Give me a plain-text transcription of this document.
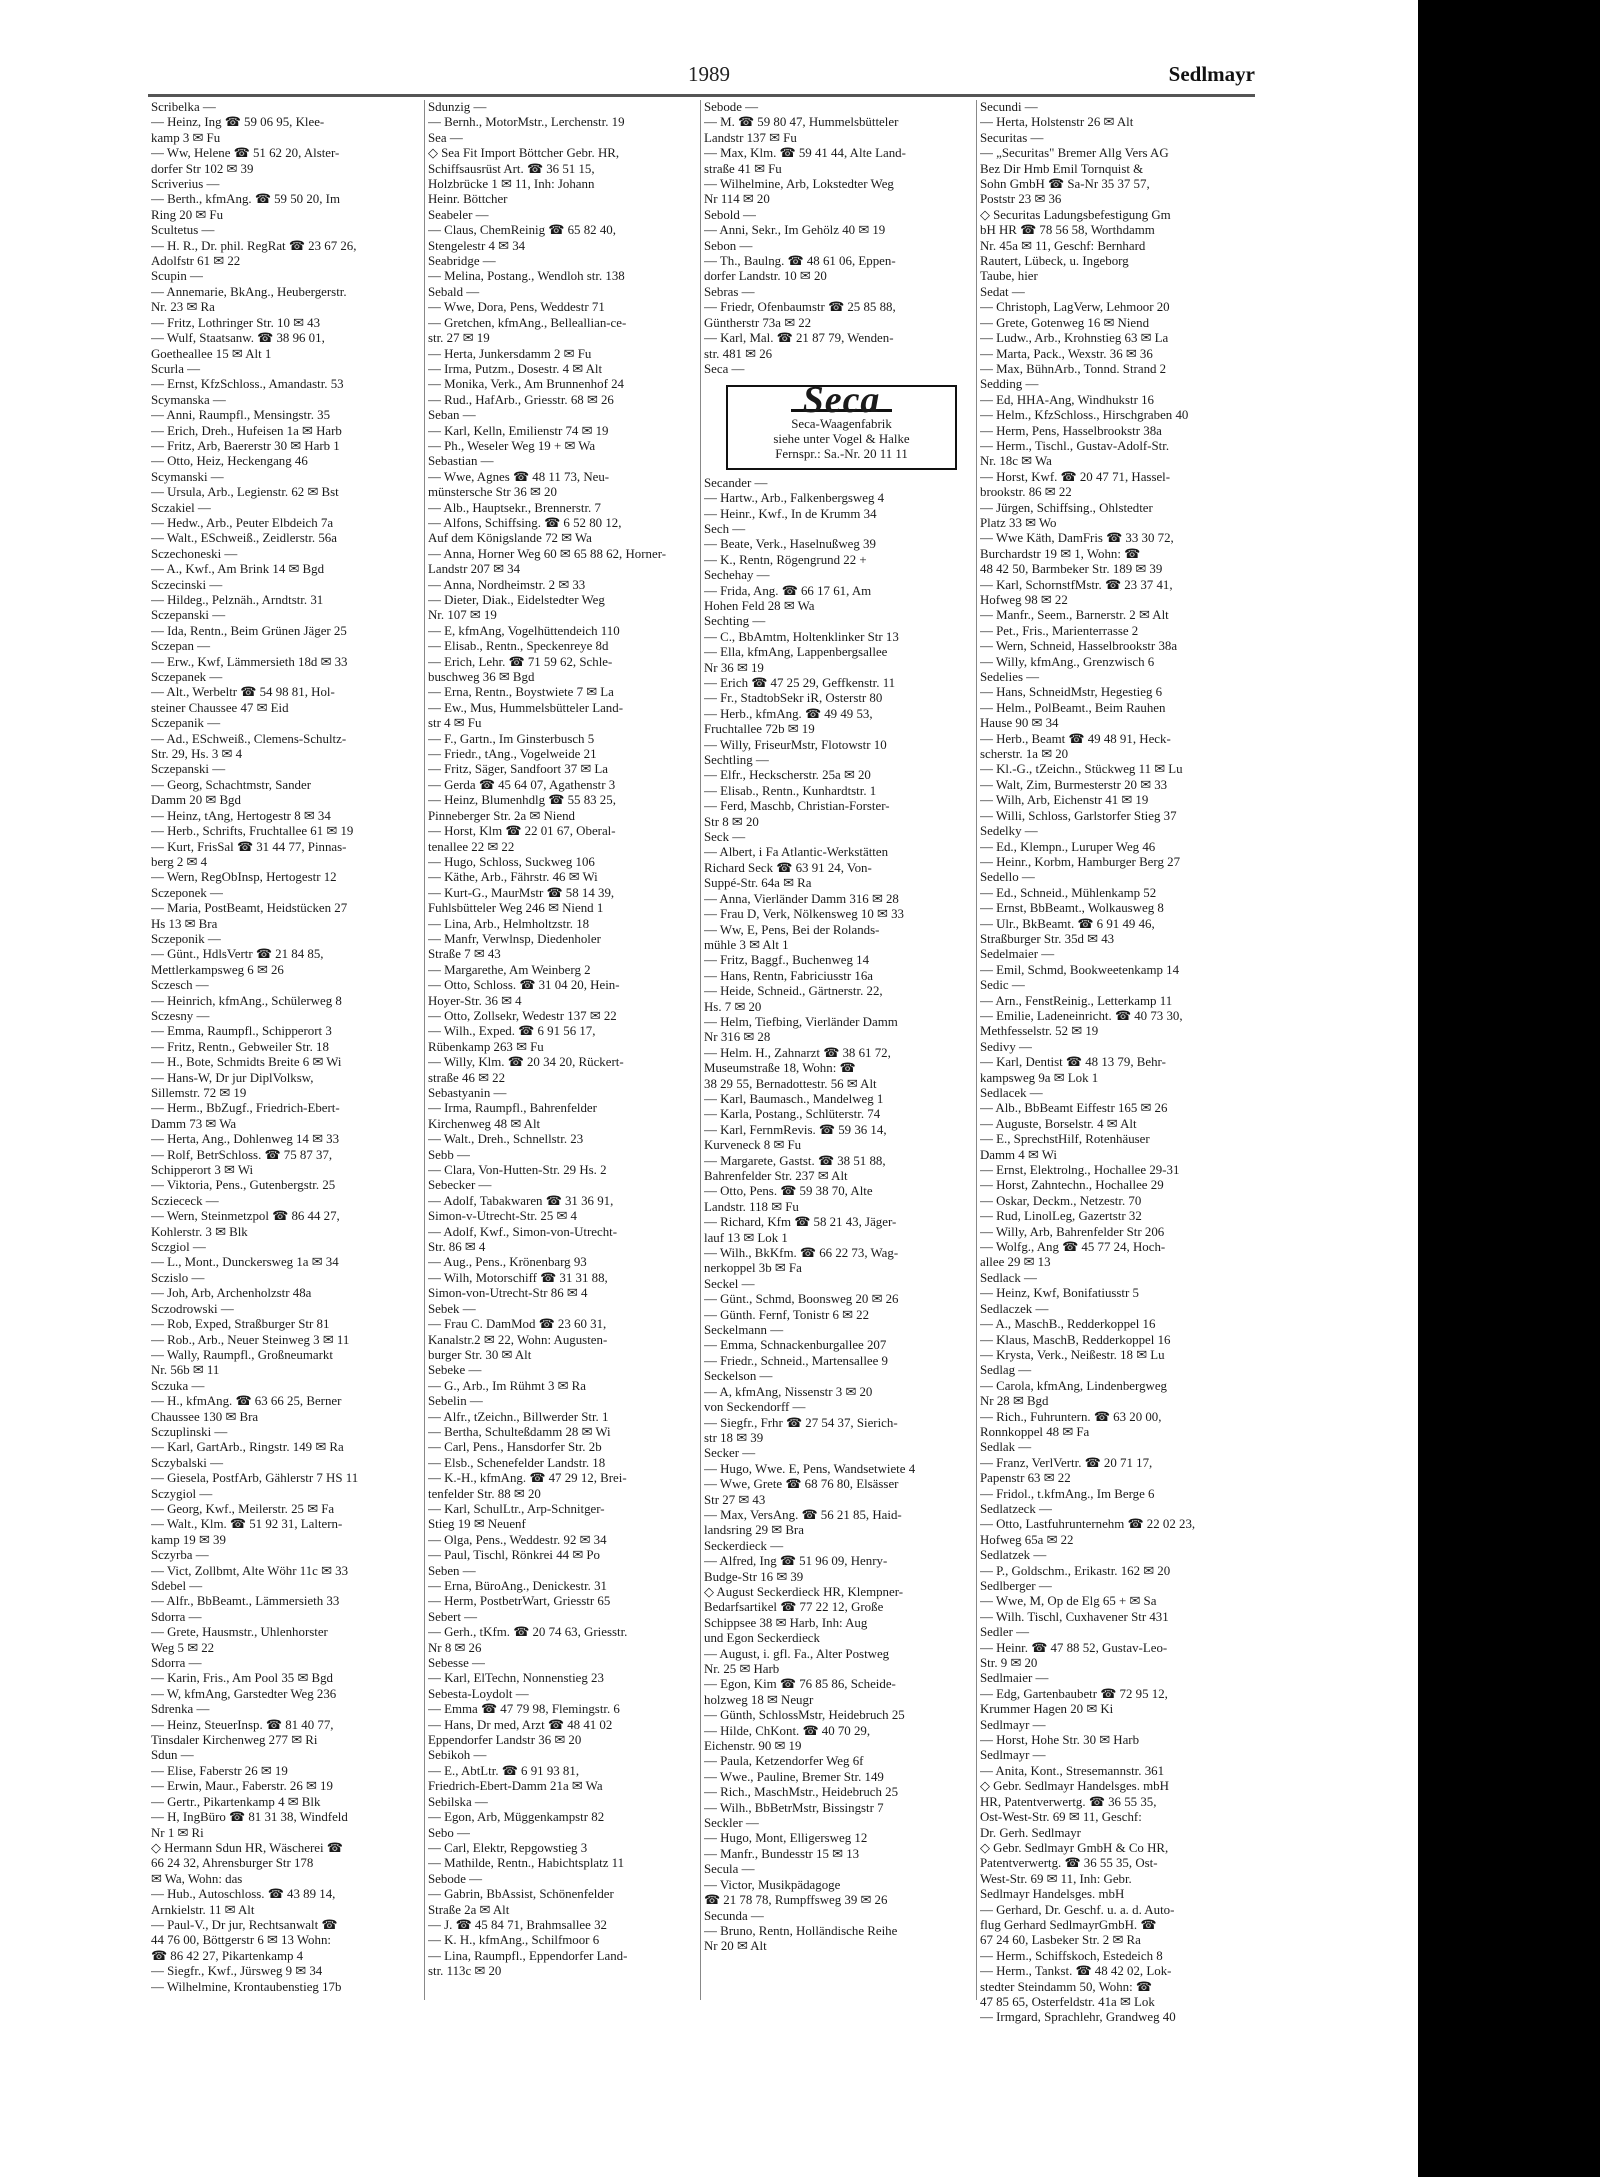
1989	Sedlmayr
Scribelka —
— Heinz, Ing ☎ 59 06 95, Klee-
kamp 3 ✉ Fu
— Ww, Helene ☎ 51 62 20, Alster-
dorfer Str 102 ✉ 39
Scriverius —
— Berth., kfmAng. ☎ 59 50 20, Im
Ring 20 ✉ Fu
Scultetus —
— H. R., Dr. phil. RegRat ☎ 23 67 26,
Adolfstr 61 ✉ 22
Scupin —
— Annemarie, BkAng., Heubergerstr.
Nr. 23 ✉ Ra
— Fritz, Lothringer Str. 10 ✉ 43
— Wulf, Staatsanw. ☎ 38 96 01,
Goetheallee 15 ✉ Alt 1
Scurla —
— Ernst, KfzSchloss., Amandastr. 53
Scymanska —
— Anni, Raumpfl., Mensingstr. 35
— Erich, Dreh., Hufeisen 1a ✉ Harb
— Fritz, Arb, Baererstr 30 ✉ Harb 1
— Otto, Heiz, Heckengang 46
Scymanski —
— Ursula, Arb., Legienstr. 62 ✉ Bst
Sczakiel —
— Hedw., Arb., Peuter Elbdeich 7a
— Walt., ESchweiß., Zeidlerstr. 56a
Sczechoneski —
— A., Kwf., Am Brink 14 ✉ Bgd
Sczecinski —
— Hildeg., Pelznäh., Arndtstr. 31
Sczepanski —
— Ida, Rentn., Beim Grünen Jäger 25
Sczepan —
— Erw., Kwf, Lämmersieth 18d ✉ 33
Sczepanek —
— Alt., Werbeltr ☎ 54 98 81, Hol-
steiner Chaussee 47 ✉ Eid
Sczepanik —
— Ad., ESchweiß., Clemens-Schultz-
Str. 29, Hs. 3 ✉ 4
Sczepanski —
— Georg, Schachtmstr, Sander
Damm 20 ✉ Bgd
— Heinz, tAng, Hertogestr 8 ✉ 34
— Herb., Schrifts, Fruchtallee 61 ✉ 19
— Kurt, FrisSal ☎ 31 44 77, Pinnas-
berg 2 ✉ 4
— Wern, RegObInsp, Hertogestr 12
Sczeponek —
— Maria, PostBeamt, Heidstücken 27
Hs 13 ✉ Bra
Sczeponik —
— Günt., HdlsVertr ☎ 21 84 85,
Mettlerkampsweg 6 ✉ 26
Sczesch —
— Heinrich, kfmAng., Schülerweg 8
Sczesny —
— Emma, Raumpfl., Schipperort 3
— Fritz, Rentn., Gebweiler Str. 18
— H., Bote, Schmidts Breite 6 ✉ Wi
— Hans-W, Dr jur DiplVolksw,
Sillemstr. 72 ✉ 19
— Herm., BbZugf., Friedrich-Ebert-
Damm 73 ✉ Wa
— Herta, Ang., Dohlenweg 14 ✉ 33
— Rolf, BetrSchloss. ☎ 75 87 37,
Schipperort 3 ✉ Wi
— Viktoria, Pens., Gutenbergstr. 25
Scziececk —
— Wern, Steinmetzpol ☎ 86 44 27,
Kohlerstr. 3 ✉ Blk
Sczgiol —
— L., Mont., Dunckersweg 1a ✉ 34
Sczislo —
— Joh, Arb, Archenholzstr 48a
Sczodrowski —
— Rob, Exped, Straßburger Str 81
— Rob., Arb., Neuer Steinweg 3 ✉ 11
— Wally, Raumpfl., Großneumarkt
Nr. 56b ✉ 11
Sczuka —
— H., kfmAng. ☎ 63 66 25, Berner
Chaussee 130 ✉ Bra
Sczuplinski —
— Karl, GartArb., Ringstr. 149 ✉ Ra
Sczybalski —
— Giesela, PostfArb, Gählerstr 7 HS 11
Sczygiol —
— Georg, Kwf., Meilerstr. 25 ✉ Fa
— Walt., Klm. ☎ 51 92 31, Laltern-
kamp 19 ✉ 39
Sczyrba —
— Vict, Zollbmt, Alte Wöhr 11c ✉ 33
Sdebel —
— Alfr., BbBeamt., Lämmersieth 33
Sdorra —
— Grete, Hausmstr., Uhlenhorster
Weg 5 ✉ 22
Sdorra —
— Karin, Fris., Am Pool 35 ✉ Bgd
— W, kfmAng, Garstedter Weg 236
Sdrenka —
— Heinz, SteuerInsp. ☎ 81 40 77,
Tinsdaler Kirchenweg 277 ✉ Ri
Sdun —
— Elise, Faberstr 26 ✉ 19
— Erwin, Maur., Faberstr. 26 ✉ 19
— Gertr., Pikartenkamp 4 ✉ Blk
— H, IngBüro ☎ 81 31 38, Windfeld
Nr 1 ✉ Ri
◇ Hermann Sdun HR, Wäscherei ☎
66 24 32, Ahrensburger Str 178
✉ Wa, Wohn: das
— Hub., Autoschloss. ☎ 43 89 14,
Arnkielstr. 11 ✉ Alt
— Paul-V., Dr jur, Rechtsanwalt ☎
44 76 00, Böttgerstr 6 ✉ 13 Wohn:
☎ 86 42 27, Pikartenkamp 4
— Siegfr., Kwf., Jürsweg 9 ✉ 34
— Wilhelmine, Krontaubenstieg 17b
Sdunzig —
— Bernh., MotorMstr., Lerchenstr. 19
Sea —
◇ Sea Fit Import Böttcher Gebr. HR,
Schiffsausrüst Art. ☎ 36 51 15,
Holzbrücke 1 ✉ 11, Inh: Johann
Heinr. Böttcher
Seabeler —
— Claus, ChemReinig ☎ 65 82 40,
Stengelestr 4 ✉ 34
Seabridge —
— Melina, Postang., Wendloh str. 138
Sebald —
— Wwe, Dora, Pens, Weddestr 71
— Gretchen, kfmAng., Belleallian-ce-
str. 27 ✉ 19
— Herta, Junkersdamm 2 ✉ Fu
— Irma, Putzm., Dosestr. 4 ✉ Alt
— Monika, Verk., Am Brunnenhof 24
— Rud., HafArb., Griesstr. 68 ✉ 26
Seban —
— Karl, Kelln, Emilienstr 74 ✉ 19
— Ph., Weseler Weg 19 + ✉ Wa
Sebastian —
— Wwe, Agnes ☎ 48 11 73, Neu-
münstersche Str 36 ✉ 20
— Alb., Hauptsekr., Brennerstr. 7
— Alfons, Schiffsing. ☎ 6 52 80 12,
Auf dem Königslande 72 ✉ Wa
— Anna, Horner Weg 60 ✉ 65 88 62, Horner-
Landstr 207 ✉ 34
— Anna, Nordheimstr. 2 ✉ 33
— Dieter, Diak., Eidelstedter Weg
Nr. 107 ✉ 19
— E, kfmAng, Vogelhüttendeich 110
— Elisab., Rentn., Speckenreye 8d
— Erich, Lehr. ☎ 71 59 62, Schle-
buschweg 36 ✉ Bgd
— Erna, Rentn., Boystwiete 7 ✉ La
— Ew., Mus, Hummelsbütteler Land-
str 4 ✉ Fu
— F., Gartn., Im Ginsterbusch 5
— Friedr., tAng., Vogelweide 21
— Fritz, Säger, Sandfoort 37 ✉ La
— Gerda ☎ 45 64 07, Agathenstr 3
— Heinz, Blumenhdlg ☎ 55 83 25,
Pinneberger Str. 2a ✉ Niend
— Horst, Klm ☎ 22 01 67, Oberal-
tenallee 22 ✉ 22
— Hugo, Schloss, Suckweg 106
— Käthe, Arb., Fährstr. 46 ✉ Wi
— Kurt-G., MaurMstr ☎ 58 14 39,
Fuhlsbütteler Weg 246 ✉ Niend 1
— Lina, Arb., Helmholtzstr. 18
— Manfr, Verwlnsp, Diedenholer
Straße 7 ✉ 43
— Margarethe, Am Weinberg 2
— Otto, Schloss. ☎ 31 04 20, Hein-
Hoyer-Str. 36 ✉ 4
— Otto, Zollsekr, Wedestr 137 ✉ 22
— Wilh., Exped. ☎ 6 91 56 17,
Rübenkamp 263 ✉ Fu
— Willy, Klm. ☎ 20 34 20, Rückert-
straße 46 ✉ 22
Sebastyanin —
— Irma, Raumpfl., Bahrenfelder
Kirchenweg 48 ✉ Alt
— Walt., Dreh., Schnellstr. 23
Sebb —
— Clara, Von-Hutten-Str. 29 Hs. 2
Sebecker —
— Adolf, Tabakwaren ☎ 31 36 91,
Simon-v-Utrecht-Str. 25 ✉ 4
— Adolf, Kwf., Simon-von-Utrecht-
Str. 86 ✉ 4
— Aug., Pens., Krönenbarg 93
— Wilh, Motorschiff ☎ 31 31 88,
Simon-von-Utrecht-Str 86 ✉ 4
Sebek —
— Frau C. DamMod ☎ 23 60 31,
Kanalstr.2 ✉ 22, Wohn: Augusten-
burger Str. 30 ✉ Alt
Sebeke —
— G., Arb., Im Rühmt 3 ✉ Ra
Sebelin —
— Alfr., tZeichn., Billwerder Str. 1
— Bertha, Schulteßdamm 28 ✉ Wi
— Carl, Pens., Hansdorfer Str. 2b
— Elsb., Schenefelder Landstr. 18
— K.-H., kfmAng. ☎ 47 29 12, Brei-
tenfelder Str. 88 ✉ 20
— Karl, SchulLtr., Arp-Schnitger-
Stieg 19 ✉ Neuenf
— Olga, Pens., Weddestr. 92 ✉ 34
— Paul, Tischl, Rönkrei 44 ✉ Po
Seben —
— Erna, BüroAng., Denickestr. 31
— Herm, PostbetrWart, Griesstr 65
Sebert —
— Gerh., tKfm. ☎ 20 74 63, Griesstr.
Nr 8 ✉ 26
Sebesse —
— Karl, ElTechn, Nonnenstieg 23
Sebesta-Loydolt —
— Emma ☎ 47 79 98, Flemingstr. 6
— Hans, Dr med, Arzt ☎ 48 41 02
Eppendorfer Landstr 36 ✉ 20
Sebikoh —
— E., AbtLtr. ☎ 6 91 93 81,
Friedrich-Ebert-Damm 21a ✉ Wa
Sebilska —
— Egon, Arb, Müggenkampstr 82
Sebo —
— Carl, Elektr, Repgowstieg 3
— Mathilde, Rentn., Habichtsplatz 11
Sebode —
— Gabrin, BbAssist, Schönenfelder
Straße 2a ✉ Alt
— J. ☎ 45 84 71, Brahmsallee 32
— K. H., kfmAng., Schilfmoor 6
— Lina, Raumpfl., Eppendorfer Land-
str. 113c ✉ 20
Sebode —
— M. ☎ 59 80 47, Hummelsbütteler
Landstr 137 ✉ Fu
— Max, Klm. ☎ 59 41 44, Alte Land-
straße 41 ✉ Fu
— Wilhelmine, Arb, Lokstedter Weg
Nr 114 ✉ 20
Sebold —
— Anni, Sekr., Im Gehölz 40 ✉ 19
Sebon —
— Th., Baulng. ☎ 48 61 06, Eppen-
dorfer Landstr. 10 ✉ 20
Sebras —
— Friedr, Ofenbaumstr ☎ 25 85 88,
Güntherstr 73a ✉ 22
— Karl, Mal. ☎ 21 87 79, Wenden-
str. 481 ✉ 26
Seca —
Seca
Seca-Waagenfabrik
siehe unter Vogel & Halke
Fernspr.: Sa.-Nr. 20 11 11
Secander —
— Hartw., Arb., Falkenbergsweg 4
— Heinr., Kwf., In de Krumm 34
Sech —
— Beate, Verk., Haselnußweg 39
— K., Rentn, Rögengrund 22 +
Sechehay —
— Frida, Ang. ☎ 66 17 61, Am
Hohen Feld 28 ✉ Wa
Sechting —
— C., BbAmtm, Holtenklinker Str 13
— Ella, kfmAng, Lappenbergsallee
Nr 36 ✉ 19
— Erich ☎ 47 25 29, Geffkenstr. 11
— Fr., StadtobSekr iR, Osterstr 80
— Herb., kfmAng. ☎ 49 49 53,
Fruchtallee 72b ✉ 19
— Willy, FriseurMstr, Flotowstr 10
Sechtling —
— Elfr., Heckscherstr. 25a ✉ 20
— Elisab., Rentn., Kunhardtstr. 1
— Ferd, Maschb, Christian-Forster-
Str 8 ✉ 20
Seck —
— Albert, i Fa Atlantic-Werkstätten
Richard Seck ☎ 63 91 24, Von-
Suppé-Str. 64a ✉ Ra
— Anna, Vierländer Damm 316 ✉ 28
— Frau D, Verk, Nölkensweg 10 ✉ 33
— Ww, E, Pens, Bei der Rolands-
mühle 3 ✉ Alt 1
— Fritz, Baggf., Buchenweg 14
— Hans, Rentn, Fabriciusstr 16a
— Heide, Schneid., Gärtnerstr. 22,
Hs. 7 ✉ 20
— Helm, Tiefbing, Vierländer Damm
Nr 316 ✉ 28
— Helm. H., Zahnarzt ☎ 38 61 72,
Museumstraße 18, Wohn: ☎
38 29 55, Bernadottestr. 56 ✉ Alt
— Karl, Baumasch., Mandelweg 1
— Karla, Postang., Schlüterstr. 74
— Karl, FernmRevis. ☎ 59 36 14,
Kurveneck 8 ✉ Fu
— Margarete, Gastst. ☎ 38 51 88,
Bahrenfelder Str. 237 ✉ Alt
— Otto, Pens. ☎ 59 38 70, Alte
Landstr. 118 ✉ Fu
— Richard, Kfm ☎ 58 21 43, Jäger-
lauf 13 ✉ Lok 1
— Wilh., BkKfm. ☎ 66 22 73, Wag-
nerkoppel 3b ✉ Fa
Seckel —
— Günt., Schmd, Boonsweg 20 ✉ 26
— Günth. Fernf, Tonistr 6 ✉ 22
Seckelmann —
— Emma, Schnackenburgallee 207
— Friedr., Schneid., Martensallee 9
Seckelson —
— A, kfmAng, Nissenstr 3 ✉ 20
von Seckendorff —
— Siegfr., Frhr ☎ 27 54 37, Sierich-
str 18 ✉ 39
Secker —
— Hugo, Wwe. E, Pens, Wandsetwiete 4
— Wwe, Grete ☎ 68 76 80, Elsässer
Str 27 ✉ 43
— Max, VersAng. ☎ 56 21 85, Haid-
landsring 29 ✉ Bra
Seckerdieck —
— Alfred, Ing ☎ 51 96 09, Henry-
Budge-Str 16 ✉ 39
◇ August Seckerdieck HR, Klempner-
Bedarfsartikel ☎ 77 22 12, Große
Schippsee 38 ✉ Harb, Inh: Aug
und Egon Seckerdieck
— August, i. gfl. Fa., Alter Postweg
Nr. 25 ✉ Harb
— Egon, Kim ☎ 76 85 86, Scheide-
holzweg 18 ✉ Neugr
— Günth, SchlossMstr, Heidebruch 25
— Hilde, ChKont. ☎ 40 70 29,
Eichenstr. 90 ✉ 19
— Paula, Ketzendorfer Weg 6f
— Wwe., Pauline, Bremer Str. 149
— Rich., MaschMstr., Heidebruch 25
— Wilh., BbBetrMstr, Bissingstr 7
Seckler —
— Hugo, Mont, Elligersweg 12
— Manfr., Bundesstr 15 ✉ 13
Secula —
— Victor, Musikpädagoge
☎ 21 78 78, Rumpffsweg 39 ✉ 26
Secunda —
— Bruno, Rentn, Holländische Reihe
Nr 20 ✉ Alt
Secundi —
— Herta, Holstenstr 26 ✉ Alt
Securitas —
— „Securitas" Bremer Allg Vers AG
Bez Dir Hmb Emil Tornquist &
Sohn GmbH ☎ Sa-Nr 35 37 57,
Poststr 23 ✉ 36
◇ Securitas Ladungsbefestigung Gm
bH HR ☎ 78 56 58, Worthdamm
Nr. 45a ✉ 11, Geschf: Bernhard
Rautert, Lübeck, u. Ingeborg
Taube, hier
Sedat —
— Christoph, LagVerw, Lehmoor 20
— Grete, Gotenweg 16 ✉ Niend
— Ludw., Arb., Krohnstieg 63 ✉ La
— Marta, Pack., Wexstr. 36 ✉ 36
— Max, BühnArb., Tonnd. Strand 2
Sedding —
— Ed, HHA-Ang, Windhukstr 16
— Helm., KfzSchloss., Hirschgraben 40
— Herm, Pens, Hasselbrookstr 38a
— Herm., Tischl., Gustav-Adolf-Str.
Nr. 18c ✉ Wa
— Horst, Kwf. ☎ 20 47 71, Hassel-
brookstr. 86 ✉ 22
— Jürgen, Schiffsing., Ohlstedter
Platz 33 ✉ Wo
— Wwe Käth, DamFris ☎ 33 30 72,
Burchardstr 19 ✉ 1, Wohn: ☎
48 42 50, Barmbeker Str. 189 ✉ 39
— Karl, SchornstfMstr. ☎ 23 37 41,
Hofweg 98 ✉ 22
— Manfr., Seem., Barnerstr. 2 ✉ Alt
— Pet., Fris., Marienterrasse 2
— Wern, Schneid, Hasselbrookstr 38a
— Willy, kfmAng., Grenzwisch 6
Sedelies —
— Hans, SchneidMstr, Hegestieg 6
— Helm., PolBeamt., Beim Rauhen
Hause 90 ✉ 34
— Herb., Beamt ☎ 49 48 91, Heck-
scherstr. 1a ✉ 20
— Kl.-G., tZeichn., Stückweg 11 ✉ Lu
— Walt, Zim, Burmesterstr 20 ✉ 33
— Wilh, Arb, Eichenstr 41 ✉ 19
— Willi, Schloss, Garlstorfer Stieg 37
Sedelky —
— Ed., Klempn., Luruper Weg 46
— Heinr., Korbm, Hamburger Berg 27
Sedello —
— Ed., Schneid., Mühlenkamp 52
— Ernst, BbBeamt., Wolkausweg 8
— Ulr., BkBeamt. ☎ 6 91 49 46,
Straßburger Str. 35d ✉ 43
Sedelmaier —
— Emil, Schmd, Bookweetenkamp 14
Sedic —
— Arn., FenstReinig., Letterkamp 11
— Emilie, Ladeneinricht. ☎ 40 73 30,
Methfesselstr. 52 ✉ 19
Sedivy —
— Karl, Dentist ☎ 48 13 79, Behr-
kampsweg 9a ✉ Lok 1
Sedlacek —
— Alb., BbBeamt Eiffestr 165 ✉ 26
— Auguste, Borselstr. 4 ✉ Alt
— E., SprechstHilf, Rotenhäuser
Damm 4 ✉ Wi
— Ernst, Elektrolng., Hochallee 29-31
— Horst, Zahntechn., Hochallee 29
— Oskar, Deckm., Netzestr. 70
— Rud, LinolLeg, Gazertstr 32
— Willy, Arb, Bahrenfelder Str 206
— Wolfg., Ang ☎ 45 77 24, Hoch-
allee 29 ✉ 13
Sedlack —
— Heinz, Kwf, Bonifatiusstr 5
Sedlaczek —
— A., MaschB., Redderkoppel 16
— Klaus, MaschB, Redderkoppel 16
— Krysta, Verk., Neißestr. 18 ✉ Lu
Sedlag —
— Carola, kfmAng, Lindenbergweg
Nr 28 ✉ Bgd
— Rich., Fuhruntern. ☎ 63 20 00,
Ronnkoppel 48 ✉ Fa
Sedlak —
— Franz, VerlVertr. ☎ 20 71 17,
Papenstr 63 ✉ 22
— Fridol., t.kfmAng., Im Berge 6
Sedlatzeck —
— Otto, Lastfuhrunternehm ☎ 22 02 23,
Hofweg 65a ✉ 22
Sedlatzek —
— P., Goldschm., Erikastr. 162 ✉ 20
Sedlberger —
— Wwe, M, Op de Elg 65 + ✉ Sa
— Wilh. Tischl, Cuxhavener Str 431
Sedler —
— Heinr. ☎ 47 88 52, Gustav-Leo-
Str. 9 ✉ 20
Sedlmaier —
— Edg, Gartenbaubetr ☎ 72 95 12,
Krummer Hagen 20 ✉ Ki
Sedlmayr —
— Horst, Hohe Str. 30 ✉ Harb
Sedlmayr —
— Anita, Kont., Stresemannstr. 361
◇ Gebr. Sedlmayr Handelsges. mbH
HR, Patentverwertg. ☎ 36 55 35,
Ost-West-Str. 69 ✉ 11, Geschf:
Dr. Gerh. Sedlmayr
◇ Gebr. Sedlmayr GmbH & Co HR,
Patentverwertg. ☎ 36 55 35, Ost-
West-Str. 69 ✉ 11, Inh: Gebr.
Sedlmayr Handelsges. mbH
— Gerhard, Dr. Geschf. u. a. d. Auto-
flug Gerhard SedlmayrGmbH. ☎
67 24 60, Lasbeker Str. 2 ✉ Ra
— Herm., Schiffskoch, Estedeich 8
— Herm., Tankst. ☎ 48 42 02, Lok-
stedter Steindamm 50, Wohn: ☎
47 85 65, Osterfeldstr. 41a ✉ Lok
— Irmgard, Sprachlehr, Grandweg 40
